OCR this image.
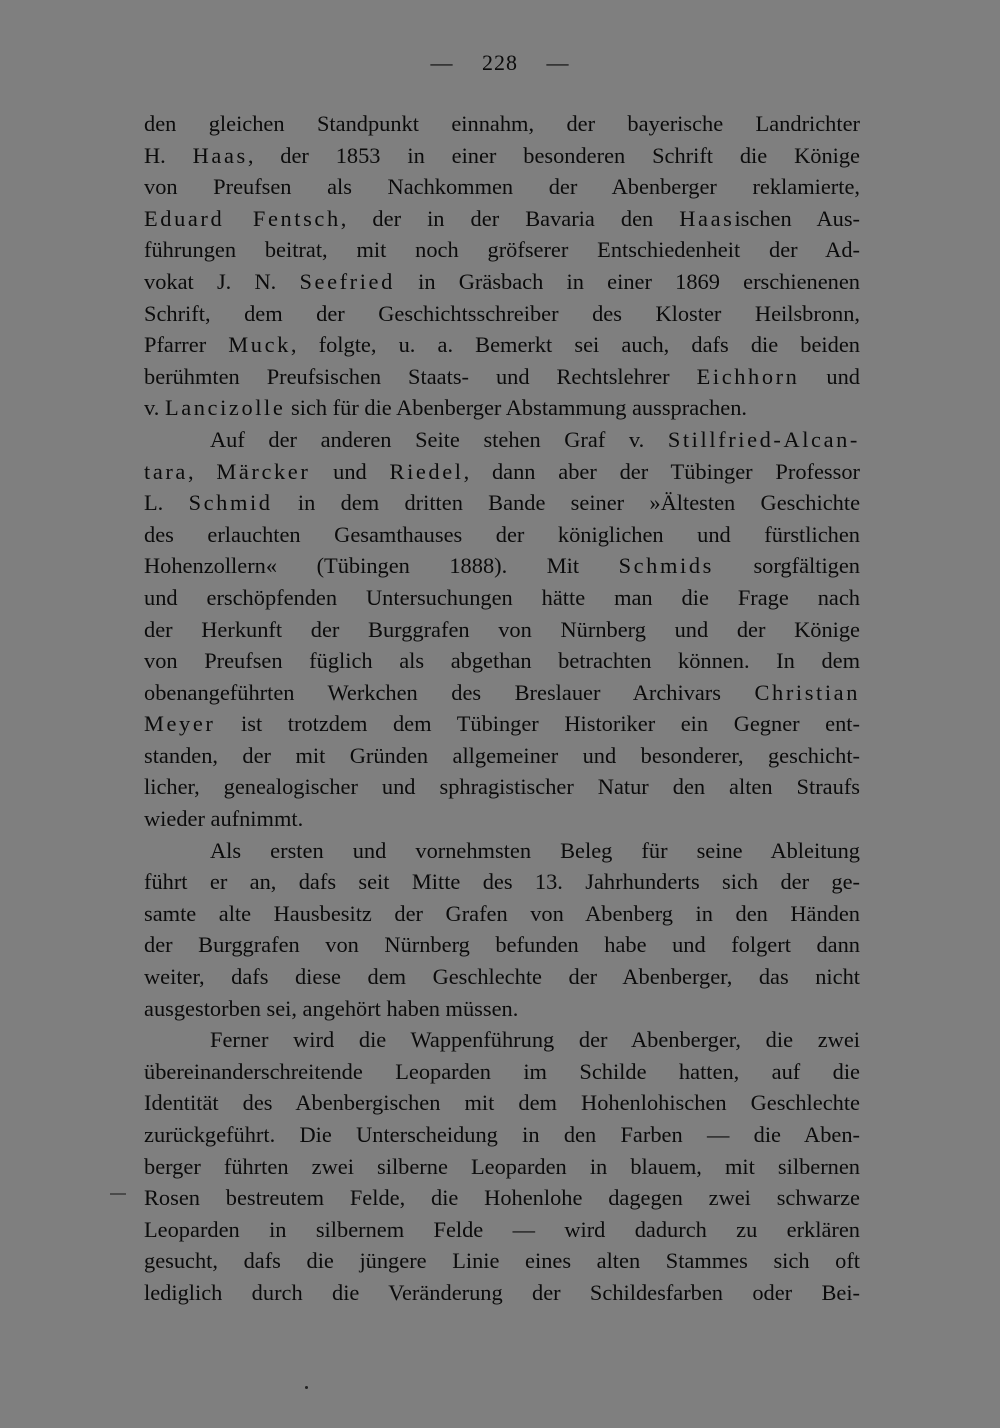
— 228 —
den gleichen Standpunkt einnahm, der bayerische Landrichter
H. Haas, der 1853 in einer besonderen Schrift die Könige
von Preufsen als Nachkommen der Abenberger reklamierte,
Eduard Fentsch, der in der Bavaria den Haasischen Aus-
führungen beitrat, mit noch gröfserer Entschiedenheit der Ad-
vokat J. N. Seefried in Gräsbach in einer 1869 erschienenen
Schrift, dem der Geschichtsschreiber des Kloster Heilsbronn,
Pfarrer Muck, folgte, u. a. Bemerkt sei auch, dafs die beiden
berühmten Preufsischen Staats- und Rechtslehrer Eichhorn und
v. Lancizolle sich für die Abenberger Abstammung aussprachen.
Auf der anderen Seite stehen Graf v. Stillfried-Alcan-
tara, Märcker und Riedel, dann aber der Tübinger Professor
L. Schmid in dem dritten Bande seiner »Ältesten Geschichte
des erlauchten Gesamthauses der königlichen und fürstlichen
Hohenzollern« (Tübingen 1888). Mit Schmids sorgfältigen
und erschöpfenden Untersuchungen hätte man die Frage nach
der Herkunft der Burggrafen von Nürnberg und der Könige
von Preufsen füglich als abgethan betrachten können. In dem
obenangeführten Werkchen des Breslauer Archivars Christian
Meyer ist trotzdem dem Tübinger Historiker ein Gegner ent-
standen, der mit Gründen allgemeiner und besonderer, geschicht-
licher, genealogischer und sphragistischer Natur den alten Straufs
wieder aufnimmt.
Als ersten und vornehmsten Beleg für seine Ableitung
führt er an, dafs seit Mitte des 13. Jahrhunderts sich der ge-
samte alte Hausbesitz der Grafen von Abenberg in den Händen
der Burggrafen von Nürnberg befunden habe und folgert dann
weiter, dafs diese dem Geschlechte der Abenberger, das nicht
ausgestorben sei, angehört haben müssen.
Ferner wird die Wappenführung der Abenberger, die zwei
übereinanderschreitende Leoparden im Schilde hatten, auf die
Identität des Abenbergischen mit dem Hohenlohischen Geschlechte
zurückgeführt. Die Unterscheidung in den Farben — die Aben-
berger führten zwei silberne Leoparden in blauem, mit silbernen
Rosen bestreutem Felde, die Hohenlohe dagegen zwei schwarze
Leoparden in silbernem Felde — wird dadurch zu erklären
gesucht, dafs die jüngere Linie eines alten Stammes sich oft
lediglich durch die Veränderung der Schildesfarben oder Bei-
